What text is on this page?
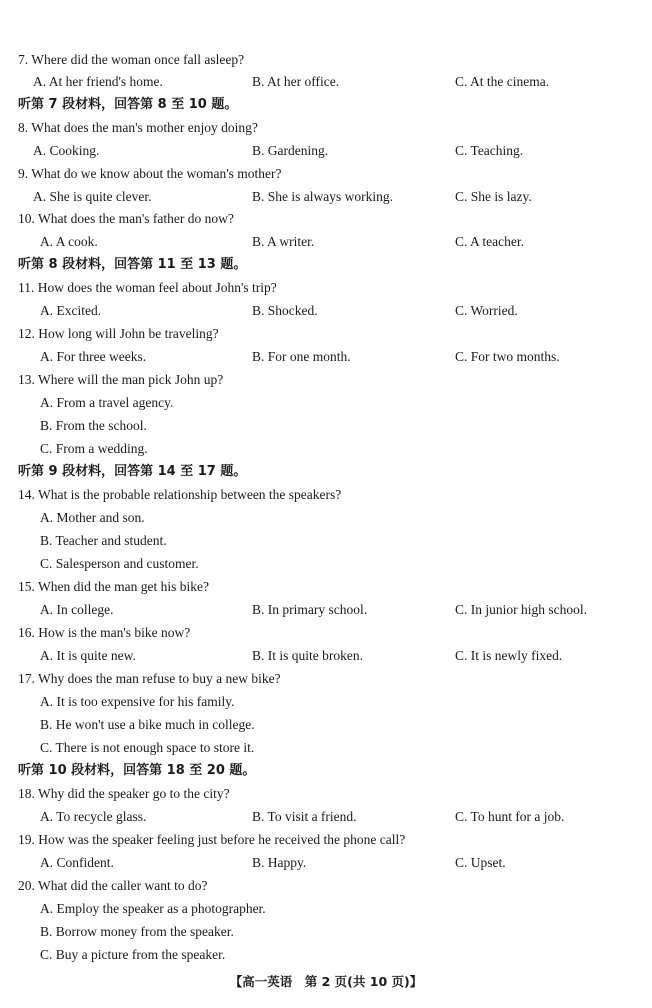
7. Where did the woman once fall asleep?
A. At her friend's home.	B. At her office.	C. At the cinema.
听第 7 段材料，回答第 8 至 10 题。
8. What does the man's mother enjoy doing?
A. Cooking.	B. Gardening.	C. Teaching.
9. What do we know about the woman's mother?
A. She is quite clever.	B. She is always working.	C. She is lazy.
10. What does the man's father do now?
A. A cook.	B. A writer.	C. A teacher.
听第 8 段材料，回答第 11 至 13 题。
11. How does the woman feel about John's trip?
A. Excited.	B. Shocked.	C. Worried.
12. How long will John be traveling?
A. For three weeks.	B. For one month.	C. For two months.
13. Where will the man pick John up?
A. From a travel agency.
B. From the school.
C. From a wedding.
听第 9 段材料，回答第 14 至 17 题。
14. What is the probable relationship between the speakers?
A. Mother and son.
B. Teacher and student.
C. Salesperson and customer.
15. When did the man get his bike?
A. In college.	B. In primary school.	C. In junior high school.
16. How is the man's bike now?
A. It is quite new.	B. It is quite broken.	C. It is newly fixed.
17. Why does the man refuse to buy a new bike?
A. It is too expensive for his family.
B. He won't use a bike much in college.
C. There is not enough space to store it.
听第 10 段材料，回答第 18 至 20 题。
18. Why did the speaker go to the city?
A. To recycle glass.	B. To visit a friend.	C. To hunt for a job.
19. How was the speaker feeling just before he received the phone call?
A. Confident.	B. Happy.	C. Upset.
20. What did the caller want to do?
A. Employ the speaker as a photographer.
B. Borrow money from the speaker.
C. Buy a picture from the speaker.
【高一英语　第 2 页(共 10 页)】
